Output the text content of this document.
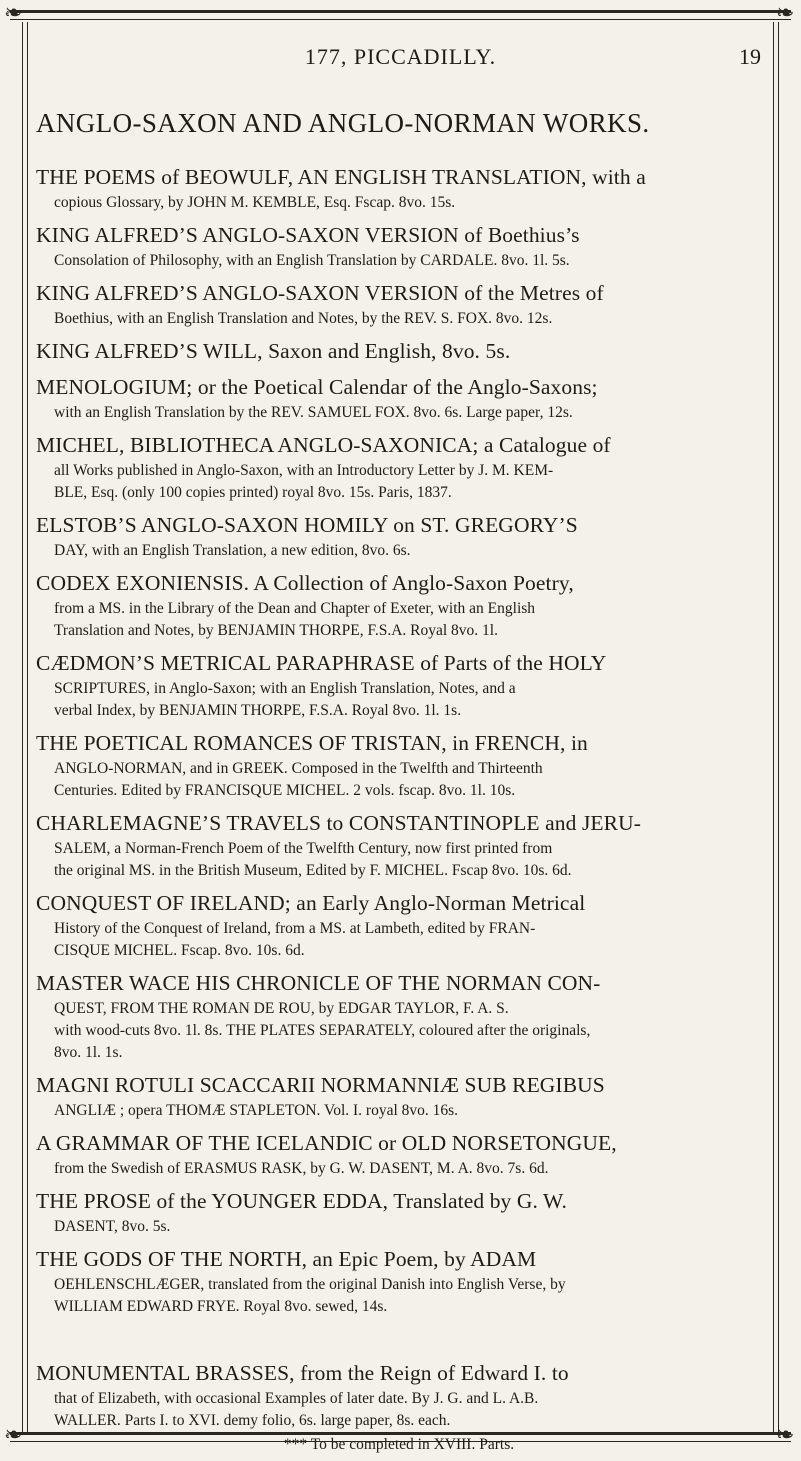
❧	❧
❧	❧
177, PICCADILLY.	19
ANGLO-SAXON AND ANGLO-NORMAN WORKS.
THE POEMS of BEOWULF, AN ENGLISH TRANSLATION, with a
copious Glossary, by JOHN M. KEMBLE, Esq. Fscap. 8vo. 15s.
KING ALFRED’S ANGLO-SAXON VERSION of Boethius’s
Consolation of Philosophy, with an English Translation by CARDALE. 8vo. 1l. 5s.
KING ALFRED’S ANGLO-SAXON VERSION of the Metres of
Boethius, with an English Translation and Notes, by the REV. S. FOX. 8vo. 12s.
KING ALFRED’S WILL, Saxon and English, 8vo. 5s.
MENOLOGIUM; or the Poetical Calendar of the Anglo-Saxons;
with an English Translation by the REV. SAMUEL FOX. 8vo. 6s. Large paper, 12s.
MICHEL, BIBLIOTHECA ANGLO-SAXONICA; a Catalogue of
all Works published in Anglo-Saxon, with an Introductory Letter by J. M. KEM-
BLE, Esq. (only 100 copies printed) royal 8vo. 15s. Paris, 1837.
ELSTOB’S ANGLO-SAXON HOMILY on ST. GREGORY’S
DAY, with an English Translation, a new edition, 8vo. 6s.
CODEX EXONIENSIS. A Collection of Anglo-Saxon Poetry,
from a MS. in the Library of the Dean and Chapter of Exeter, with an English
Translation and Notes, by BENJAMIN THORPE, F.S.A. Royal 8vo. 1l.
CÆDMON’S METRICAL PARAPHRASE of Parts of the HOLY
SCRIPTURES, in Anglo-Saxon; with an English Translation, Notes, and a
verbal Index, by BENJAMIN THORPE, F.S.A. Royal 8vo. 1l. 1s.
THE POETICAL ROMANCES OF TRISTAN, in FRENCH, in
ANGLO-NORMAN, and in GREEK. Composed in the Twelfth and Thirteenth
Centuries. Edited by FRANCISQUE MICHEL. 2 vols. fscap. 8vo. 1l. 10s.
CHARLEMAGNE’S TRAVELS to CONSTANTINOPLE and JERU-
SALEM, a Norman-French Poem of the Twelfth Century, now first printed from
the original MS. in the British Museum, Edited by F. MICHEL. Fscap 8vo. 10s. 6d.
CONQUEST OF IRELAND; an Early Anglo-Norman Metrical
History of the Conquest of Ireland, from a MS. at Lambeth, edited by FRAN-
CISQUE MICHEL. Fscap. 8vo. 10s. 6d.
MASTER WACE HIS CHRONICLE OF THE NORMAN CON-
QUEST, FROM THE ROMAN DE ROU, by EDGAR TAYLOR, F. A. S.
with wood-cuts 8vo. 1l. 8s. THE PLATES SEPARATELY, coloured after the originals,
8vo. 1l. 1s.
MAGNI ROTULI SCACCARII NORMANNIÆ SUB REGIBUS
ANGLIÆ ; opera THOMÆ STAPLETON. Vol. I. royal 8vo. 16s.
A GRAMMAR OF THE ICELANDIC or OLD NORSETONGUE,
from the Swedish of ERASMUS RASK, by G. W. DASENT, M. A. 8vo. 7s. 6d.
THE PROSE of the YOUNGER EDDA, Translated by G. W.
DASENT, 8vo. 5s.
THE GODS OF THE NORTH, an Epic Poem, by ADAM
OEHLENSCHLÆGER, translated from the original Danish into English Verse, by
WILLIAM EDWARD FRYE. Royal 8vo. sewed, 14s.
MONUMENTAL BRASSES, from the Reign of Edward I. to
that of Elizabeth, with occasional Examples of later date. By J. G. and L. A.B.
WALLER. Parts I. to XVI. demy folio, 6s. large paper, 8s. each.
*** To be completed in XVIII. Parts.
